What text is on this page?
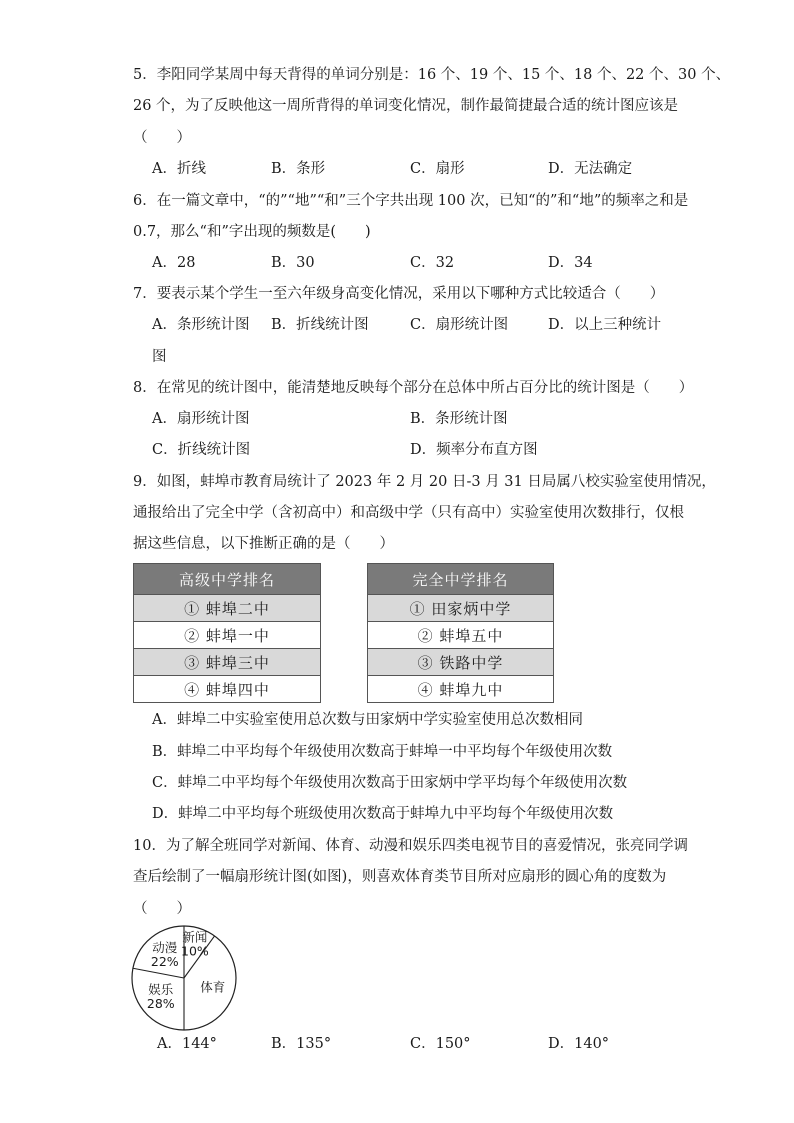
5．李阳同学某周中每天背得的单词分别是：16 个、19 个、15 个、18 个、22 个、30 个、
26 个，为了反映他这一周所背得的单词变化情况，制作最简捷最合适的统计图应该是
（　　）
A．折线	B．条形	C．扇形	D．无法确定
6．在一篇文章中，“的”“地”“和”三个字共出现 100 次，已知“的”和“地”的频率之和是
0.7，那么“和”字出现的频数是(　　)
A．28	B．30	C．32	D．34
7．要表示某个学生一至六年级身高变化情况，采用以下哪种方式比较适合（　　）
A．条形统计图 B．折线统计图	C．扇形统计图	D．以上三种统计
图
8．在常见的统计图中，能清楚地反映每个部分在总体中所占百分比的统计图是（　　）
A．扇形统计图	B．条形统计图
C．折线统计图	D．频率分布直方图
9．如图，蚌埠市教育局统计了 2023 年 2 月 20 日-3 月 31 日局属八校实验室使用情况，
通报给出了完全中学（含初高中）和高级中学（只有高中）实验室使用次数排行，仅根
据这些信息，以下推断正确的是（　　）
高级中学排名
① 蚌埠二中
② 蚌埠一中
③ 蚌埠三中
④ 蚌埠四中
完全中学排名
① 田家炳中学
② 蚌埠五中
③ 铁路中学
④ 蚌埠九中
A．蚌埠二中实验室使用总次数与田家炳中学实验室使用总次数相同
B．蚌埠二中平均每个年级使用次数高于蚌埠一中平均每个年级使用次数
C．蚌埠二中平均每个年级使用次数高于田家炳中学平均每个年级使用次数
D．蚌埠二中平均每个班级使用次数高于蚌埠九中平均每个年级使用次数
10．为了解全班同学对新闻、体育、动漫和娱乐四类电视节目的喜爱情况，张亮同学调
查后绘制了一幅扇形统计图(如图)，则喜欢体育类节目所对应扇形的圆心角的度数为
（　　）
新闻 10%
体育
娱乐 28%
动漫 22%
A．144°	B．135°	C．150°	D．140°
